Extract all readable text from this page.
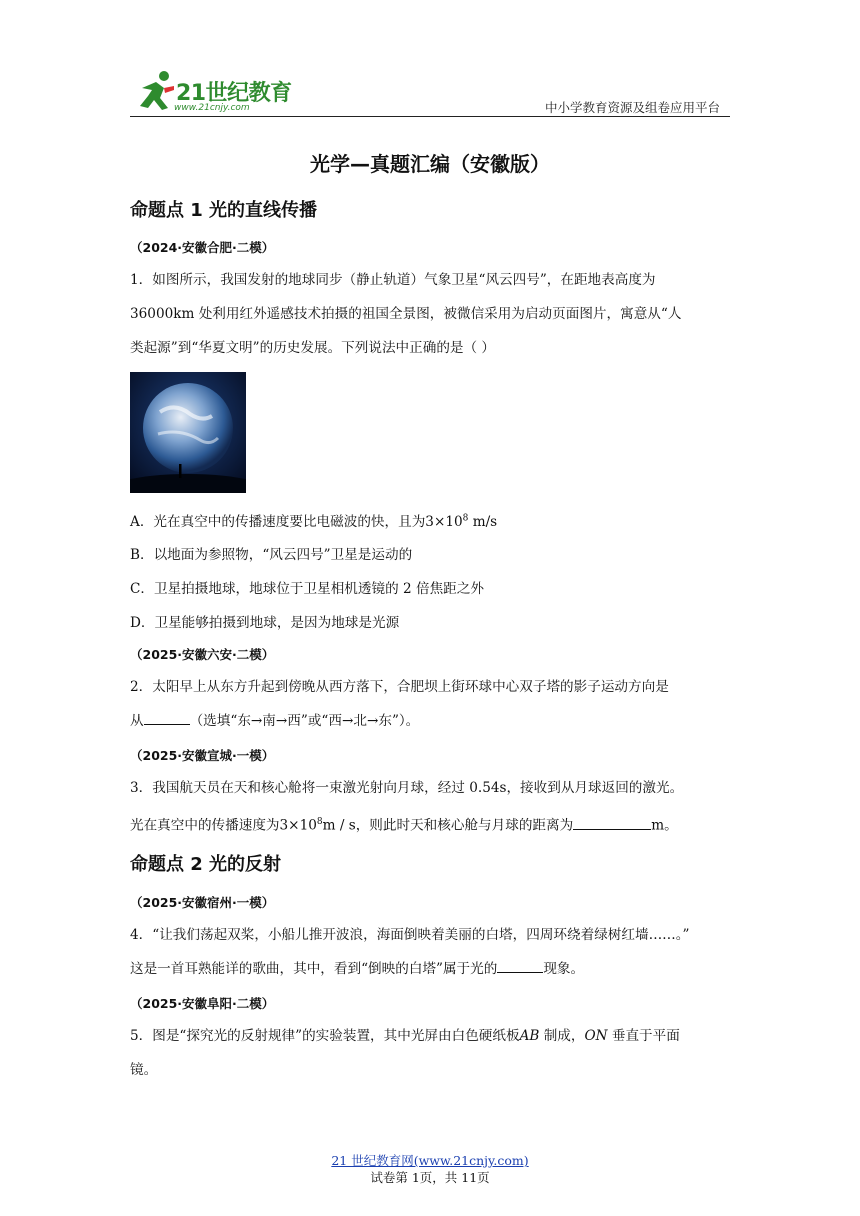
21世纪教育
www.21cnjy.com	中小学教育资源及组卷应用平台
光学—真题汇编（安徽版）
命题点 1 光的直线传播
（2024·安徽合肥·二模）
1．如图所示，我国发射的地球同步（静止轨道）气象卫星“风云四号”，在距地表高度为
36000km 处利用红外遥感技术拍摄的祖国全景图，被微信采用为启动页面图片，寓意从“人
类起源”到“华夏文明”的历史发展。下列说法中正确的是（ ）
A．光在真空中的传播速度要比电磁波的快，且为$3\times 10^8$ m/s
B．以地面为参照物，“风云四号”卫星是运动的
C．卫星拍摄地球，地球位于卫星相机透镜的 2 倍焦距之外
D．卫星能够拍摄到地球，是因为地球是光源
（2025·安徽六安·二模）
2．太阳早上从东方升起到傍晚从西方落下，合肥坝上街环球中心双子塔的影子运动方向是
从	（选填“东→南→西”或“西→北→东”）。
（2025·安徽宣城·一模）
3．我国航天员在天和核心舱将一束激光射向月球，经过 0.54s，接收到从月球返回的激光。
光在真空中的传播速度为$3\times 10^8m / s$，则此时天和核心舱与月球的距离为	m。
命题点 2 光的反射
（2025·安徽宿州·一模）
4．“让我们荡起双桨，小船儿推开波浪，海面倒映着美丽的白塔，四周环绕着绿树红墙……。”
这是一首耳熟能详的歌曲，其中，看到“倒映的白塔”属于光的	现象。
（2025·安徽阜阳·二模）
5．图是“探究光的反射规律”的实验装置，其中光屏由白色硬纸板AB 制成，ON 垂直于平面
镜。
21 世纪教育网(www.21cnjy.com)
试卷第 1页，共 11页
